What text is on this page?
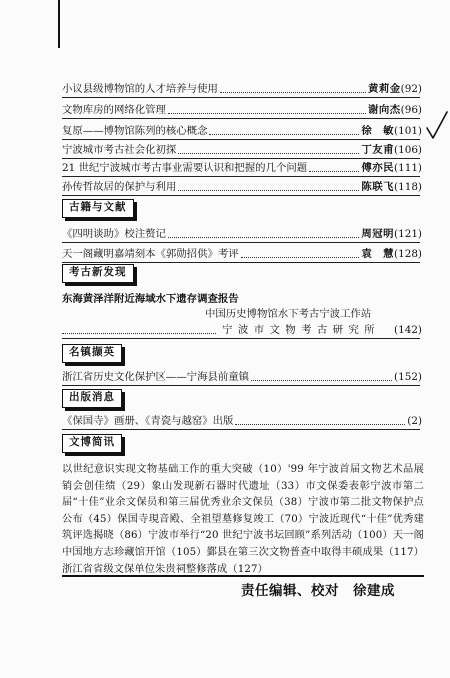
小议县级博物馆的人才培养与使用	黄莉金 (92)
文物库房的网络化管理	谢向杰 (96)
复原——博物馆陈列的核心概念	徐　敏 (101)
宁波城市考古社会化初探	丁友甫 (106)
21 世纪宁波城市考古事业需要认识和把握的几个问题	傅亦民 (111)
孙传哲故居的保护与利用	陈联飞 (118)
古籍与文献
《四明谈助》校注赘记	周冠明 (121)
天一阁藏明嘉靖刻本《郭勋招供》考评	袁　慧 (128)
考古新发现
东海黄泽洋附近海域水下遗存调查报告
中国历史博物馆水下考古宁波工作站
宁波市文物考古研究所 (142)
名镇撷英
浙江省历史文化保护区——宁海县前童镇	(152)
出版消息
《保国寺》画册、《青瓷与越窑》出版	(2)
文博简讯
以世纪意识实现文物基础工作的重大突破（10）'99 年宁波首届文物艺术品展销会创佳绩（29）象山发现新石器时代遗址（33）市文保委表彰宁波市第二届“十佳”业余文保员和第三届优秀业余文保员（38）宁波市第二批文物保护点公布（45）保国寺現音殿、全祖望墓修复竣工（70）宁波近现代“十佳”优秀建筑评选揭晓（86）宁波市举行“20 世纪宁波书坛回顾”系列活动（100）天一阁中国地方志珍藏馆开馆（105）鄞县在第三次文物普查中取得丰硕成果（117）浙江省省级文保单位朱贵祠整修落成（127）
责任编辑、校对　徐建成
